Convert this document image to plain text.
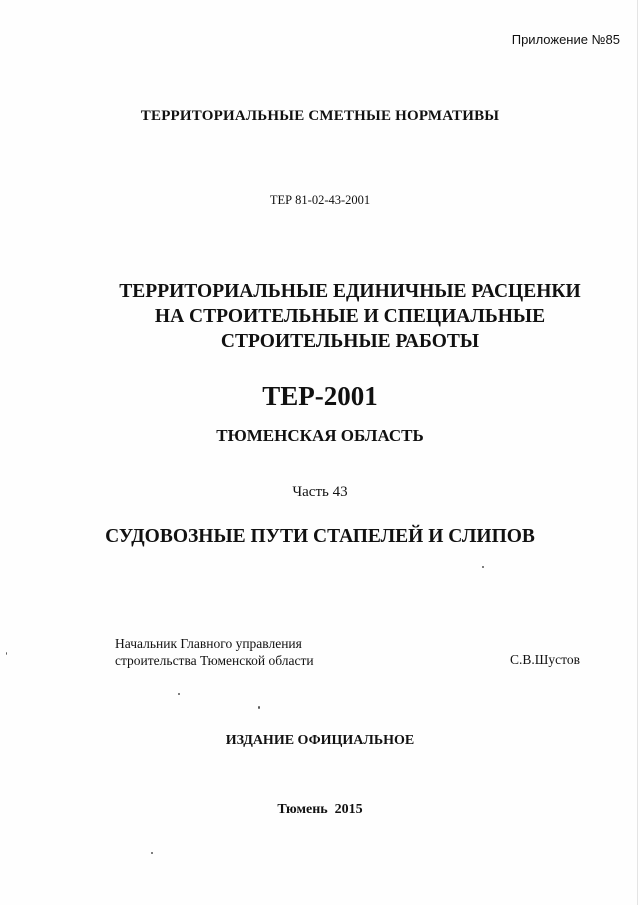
Приложение №85

ТЕРРИТОРИАЛЬНЫЕ СМЕТНЫЕ НОРМАТИВЫ

ТЕР 81-02-43-2001

ТЕРРИТОРИАЛЬНЫЕ ЕДИНИЧНЫЕ РАСЦЕНКИ
НА СТРОИТЕЛЬНЫЕ И СПЕЦИАЛЬНЫЕ
СТРОИТЕЛЬНЫЕ РАБОТЫ

ТЕР-2001

ТЮМЕНСКАЯ ОБЛАСТЬ

Часть 43

СУДОВОЗНЫЕ ПУТИ СТАПЕЛЕЙ И СЛИПОВ

Начальник Главного управления
строительства Тюменской области	С.В.Шустов

ИЗДАНИЕ ОФИЦИАЛЬНОЕ

Тюмень  2015
